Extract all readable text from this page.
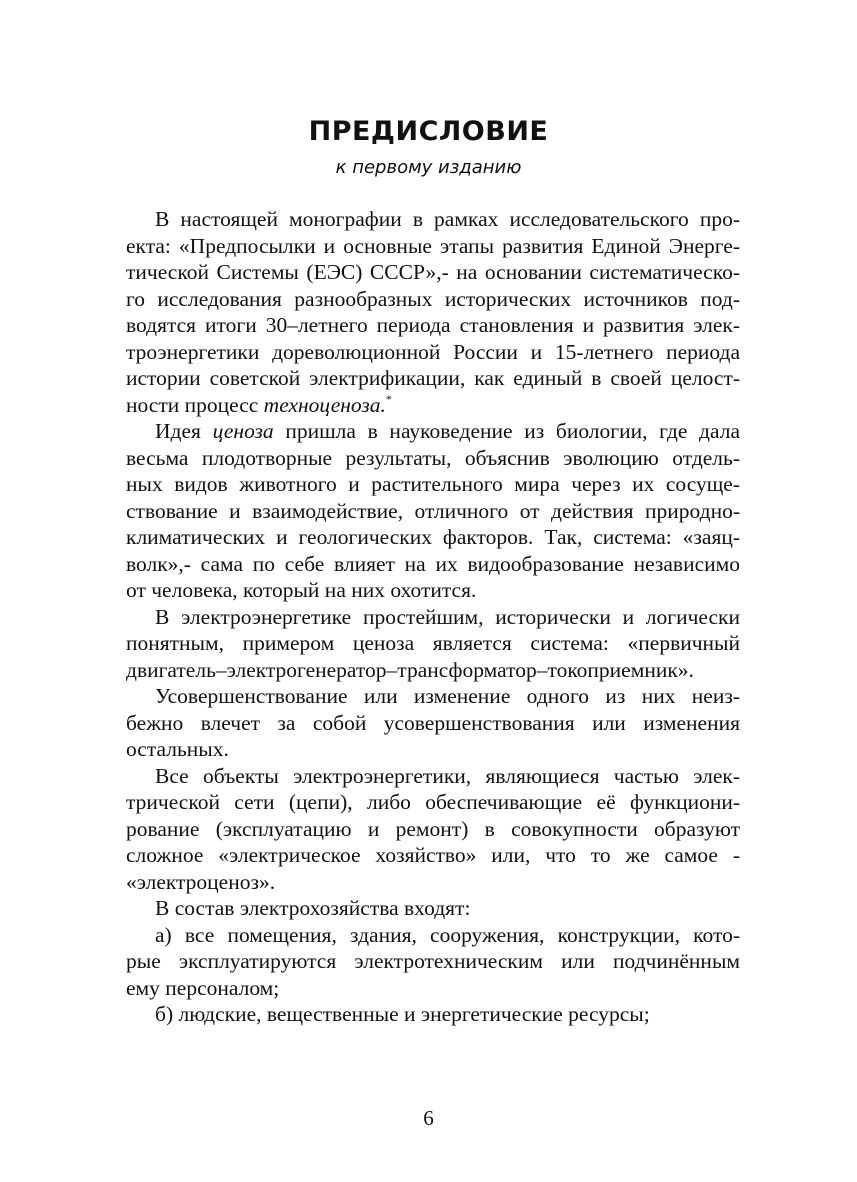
ПРЕДИСЛОВИЕ
к первому изданию
В настоящей монографии в рамках исследовательского про-
екта: «Предпосылки и основные этапы развития Единой Энерге-
тической Системы (ЕЭС) СССР»,- на основании систематическо-
го исследования разнообразных исторических источников под-
водятся итоги 30–летнего периода становления и развития элек-
троэнергетики дореволюционной России и 15-летнего периода
истории советской электрификации, как единый в своей целост-
ности процесс техноценоза.*
Идея ценоза пришла в науковедение из биологии, где дала
весьма плодотворные результаты, объяснив эволюцию отдель-
ных видов животного и растительного мира через их сосуще-
ствование и взаимодействие, отличного от действия природно-
климатических и геологических факторов. Так, система: «заяц-
волк»,- сама по себе влияет на их видообразование независимо
от человека, который на них охотится.
В электроэнергетике простейшим, исторически и логически
понятным, примером ценоза является система: «первичный
двигатель–электрогенератор–трансформатор–токоприемник».
Усовершенствование или изменение одного из них неиз-
бежно влечет за собой усовершенствования или изменения
остальных.
Все объекты электроэнергетики, являющиеся частью элек-
трической сети (цепи), либо обеспечивающие её функциони-
рование (эксплуатацию и ремонт) в совокупности образуют
сложное «электрическое хозяйство» или, что то же самое -
«электроценоз».
В состав электрохозяйства входят:
а) все помещения, здания, сооружения, конструкции, кото-
рые эксплуатируются электротехническим или подчинённым
ему персоналом;
б) людские, вещественные и энергетические ресурсы;
6
